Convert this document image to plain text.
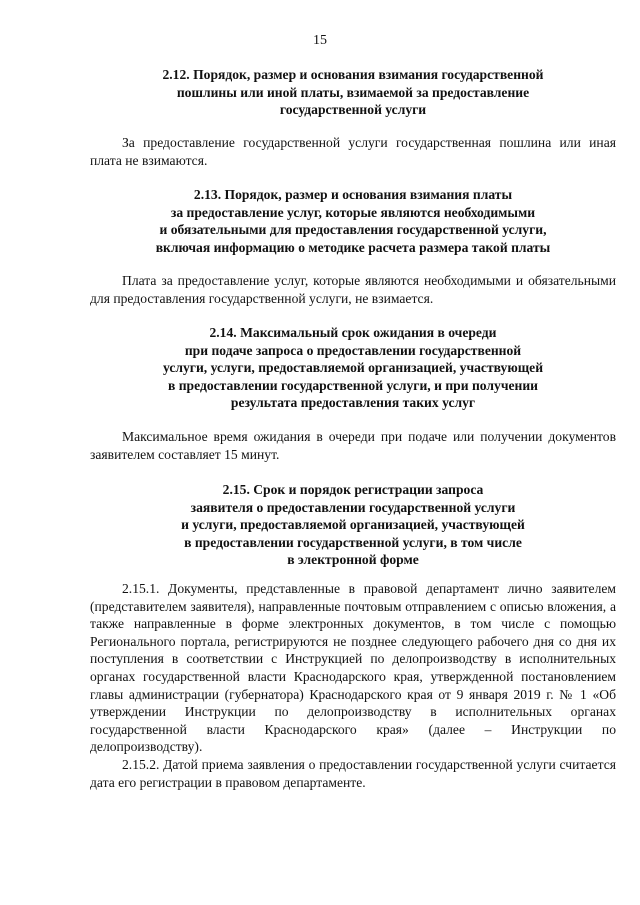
15

2.12. Порядок, размер и основания взимания государственной
пошлины или иной платы, взимаемой за предоставление
государственной услуги

За предоставление государственной услуги государственная пошлина или иная плата не взимаются.

2.13. Порядок, размер и основания взимания платы
за предоставление услуг, которые являются необходимыми
и обязательными для предоставления государственной услуги,
включая информацию о методике расчета размера такой платы

Плата за предоставление услуг, которые являются необходимыми и обязательными для предоставления государственной услуги, не взимается.

2.14. Максимальный срок ожидания в очереди
при подаче запроса о предоставлении государственной
услуги, услуги, предоставляемой организацией, участвующей
в предоставлении государственной услуги, и при получении
результата предоставления таких услуг

Максимальное время ожидания в очереди при подаче или получении документов заявителем составляет 15 минут.

2.15. Срок и порядок регистрации запроса
заявителя о предоставлении государственной услуги
и услуги, предоставляемой организацией, участвующей
в предоставлении государственной услуги, в том числе
в электронной форме

2.15.1. Документы, представленные в правовой департамент лично заявителем (представителем заявителя), направленные почтовым отправлением с описью вложения, а также направленные в форме электронных документов, в том числе с помощью Регионального портала, регистрируются не позднее следующего рабочего дня со дня их поступления в соответствии с Инструкцией по делопроизводству в исполнительных органах государственной власти Краснодарского края, утвержденной постановлением главы администрации (губернатора) Краснодарского края от 9 января 2019 г. № 1 «Об утверждении Инструкции по делопроизводству в исполнительных органах государственной власти Краснодарского края» (далее – Инструкции по делопроизводству).

2.15.2. Датой приема заявления о предоставлении государственной услуги считается дата его регистрации в правовом департаменте.
